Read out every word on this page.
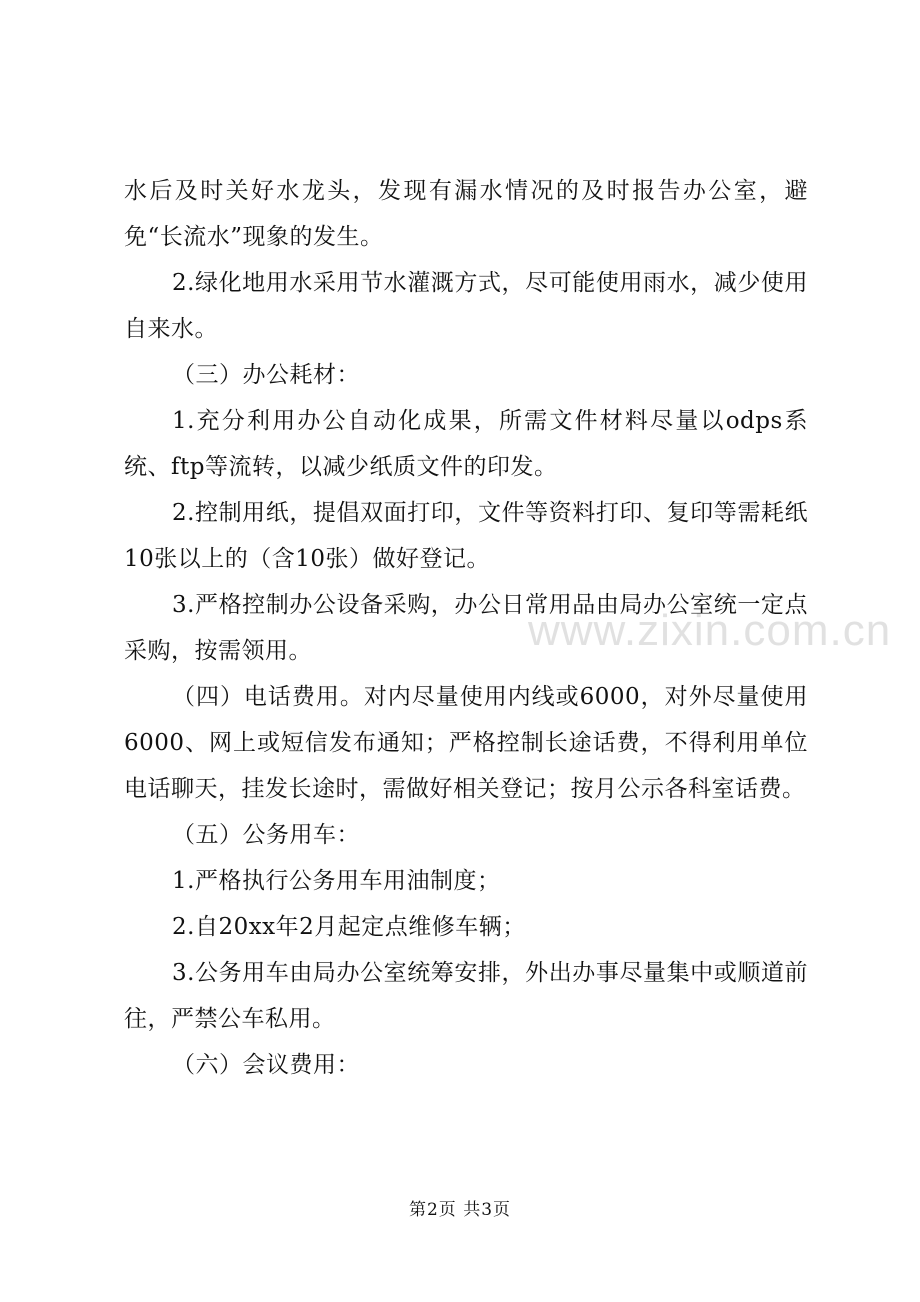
水后及时关好水龙头，发现有漏水情况的及时报告办公室，避免“长流水”现象的发生。

2.绿化地用水采用节水灌溉方式，尽可能使用雨水，减少使用自来水。

（三）办公耗材：

1.充分利用办公自动化成果，所需文件材料尽量以odps系统、ftp等流转，以减少纸质文件的印发。

2.控制用纸，提倡双面打印，文件等资料打印、复印等需耗纸10张以上的（含10张）做好登记。

3.严格控制办公设备采购，办公日常用品由局办公室统一定点采购，按需领用。

（四）电话费用。对内尽量使用内线或6000，对外尽量使用6000、网上或短信发布通知；严格控制长途话费，不得利用单位电话聊天，挂发长途时，需做好相关登记；按月公示各科室话费。

（五）公务用车：

1.严格执行公务用车用油制度；

2.自20xx年2月起定点维修车辆；

3.公务用车由局办公室统筹安排，外出办事尽量集中或顺道前往，严禁公车私用。

（六）会议费用：

www.zixin.com.cn
第2页 共3页
